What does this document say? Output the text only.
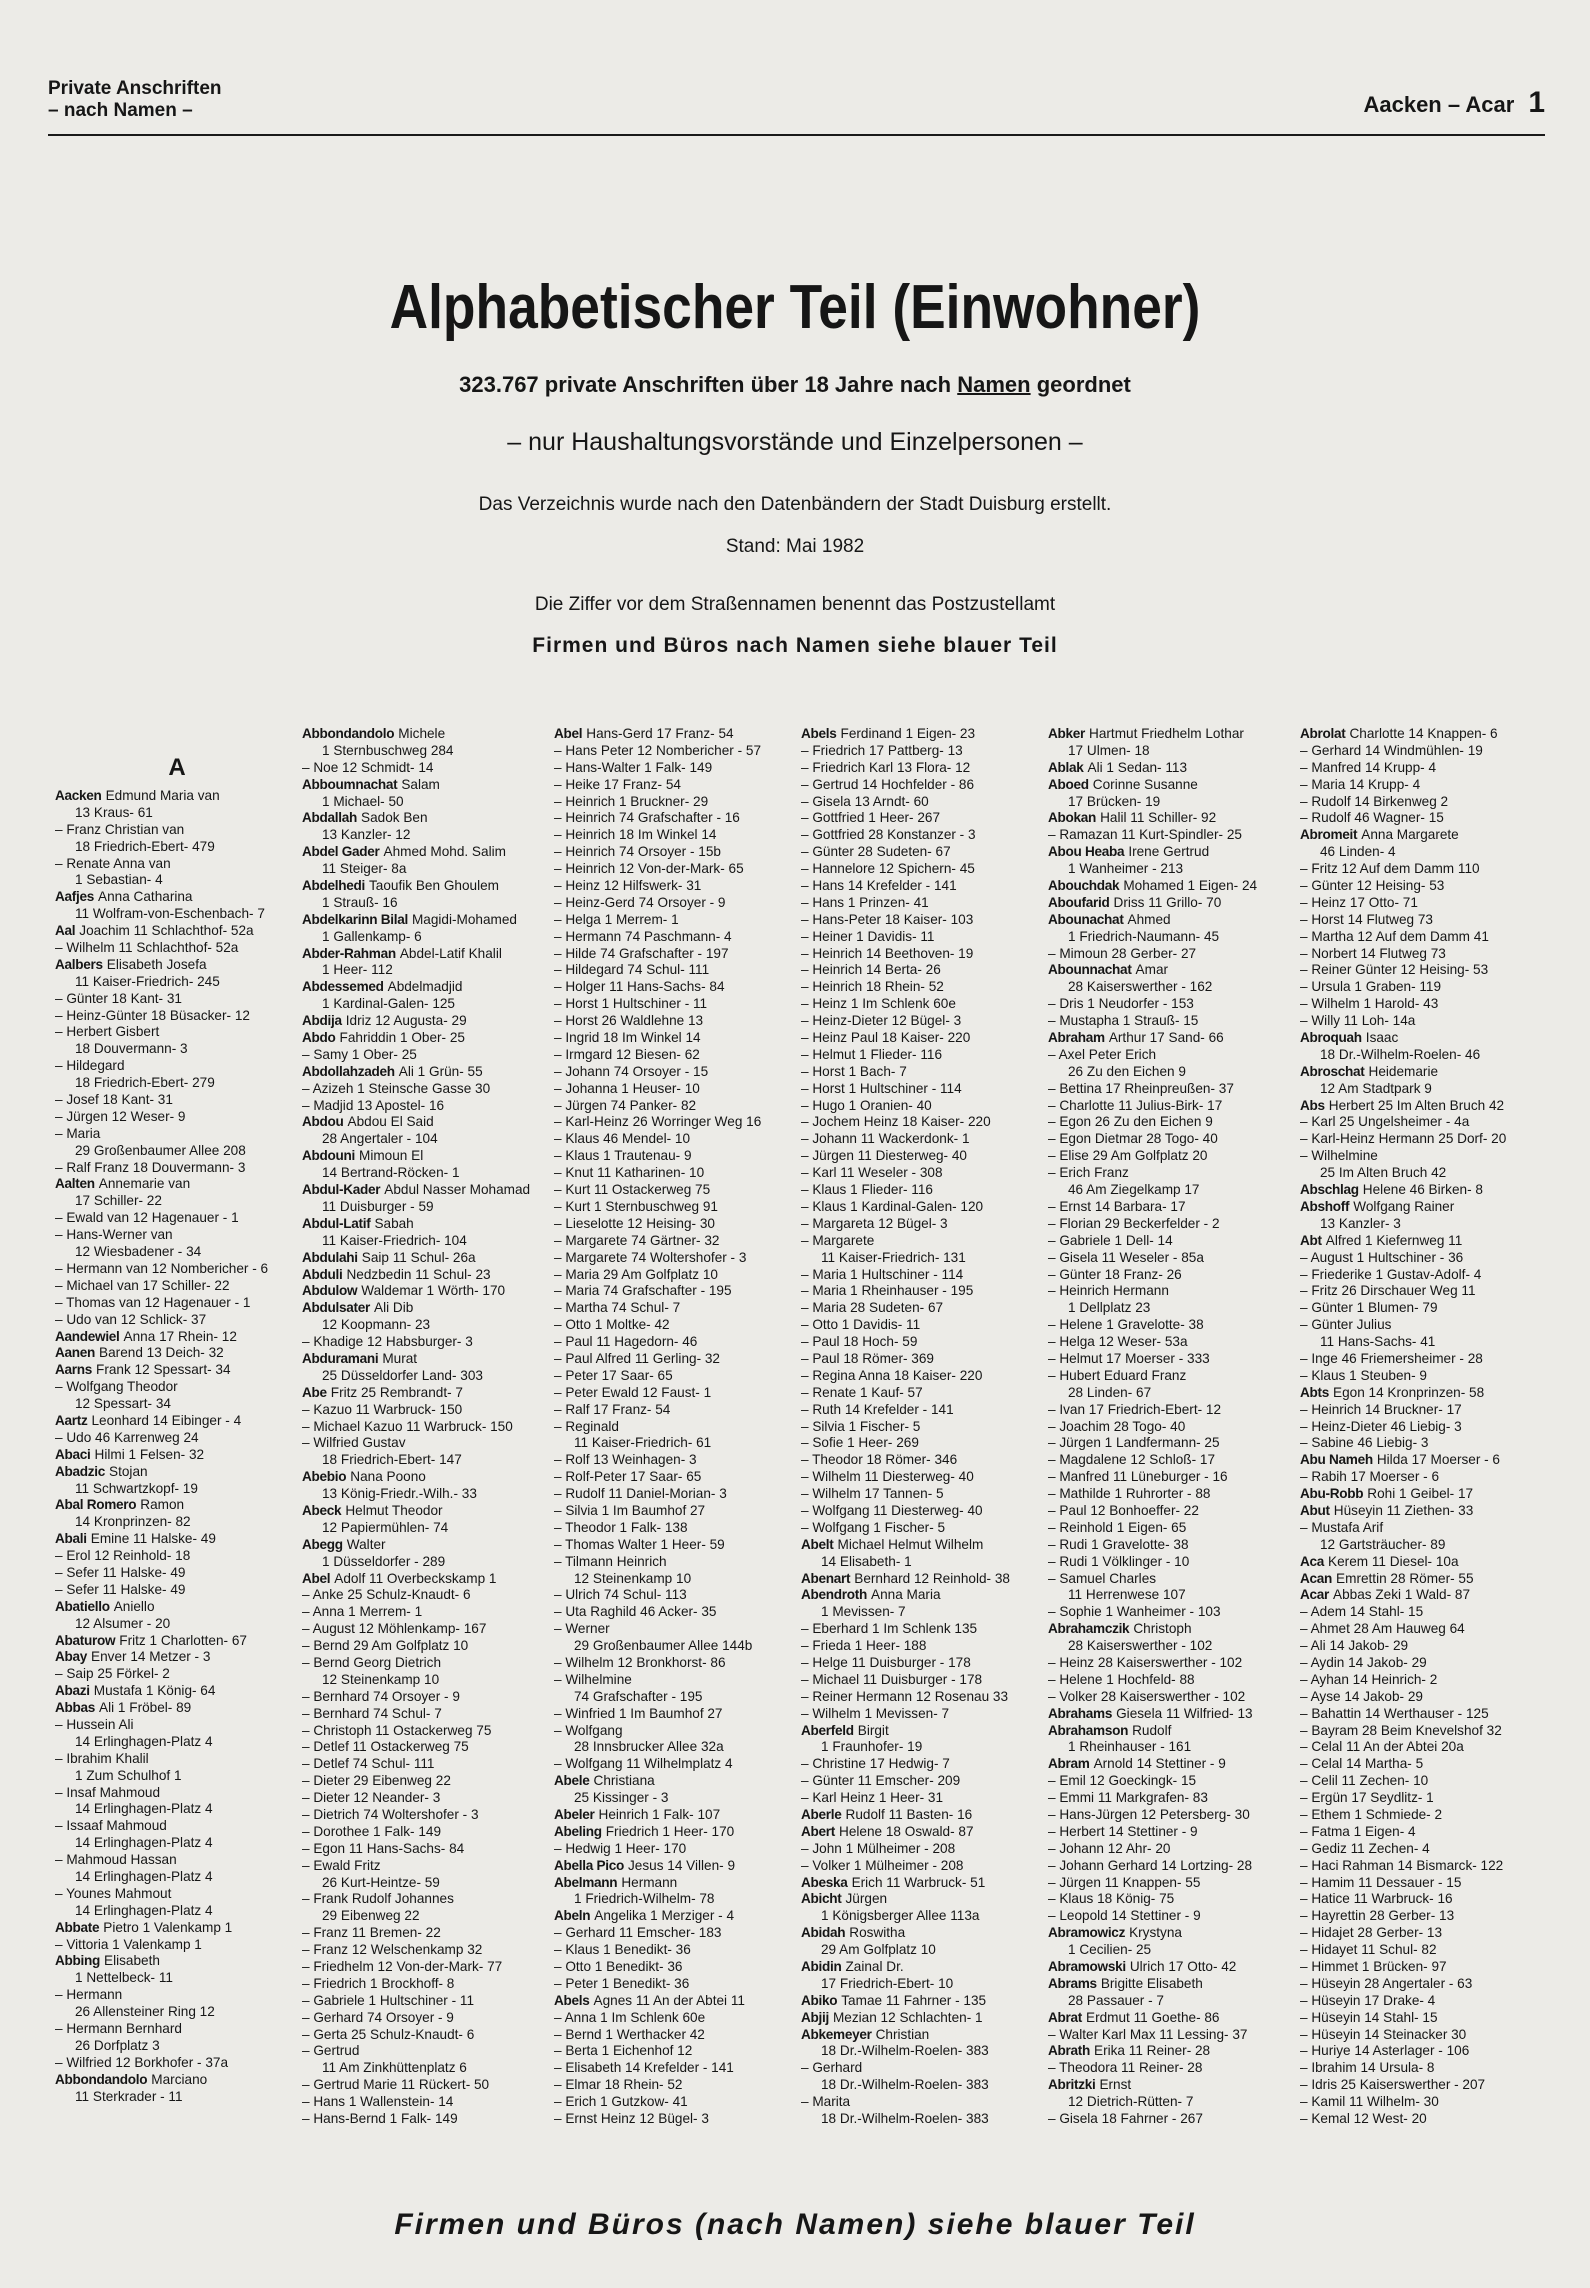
Private Anschriften
– nach Namen –	Aacken – Acar 1
Alphabetischer Teil (Einwohner)
323.767 private Anschriften über 18 Jahre nach Namen geordnet
– nur Haushaltungsvorstände und Einzelpersonen –
Das Verzeichnis wurde nach den Datenbändern der Stadt Duisburg erstellt.
Stand: Mai 1982
Die Ziffer vor dem Straßennamen benennt das Postzustellamt
Firmen und Büros nach Namen siehe blauer Teil
A
Aacken Edmund Maria van
13 Kraus- 61
– Franz Christian van
18 Friedrich-Ebert- 479
– Renate Anna van
1 Sebastian- 4
Aafjes Anna Catharina
11 Wolfram-von-Eschenbach- 7
Aal Joachim 11 Schlachthof- 52a
– Wilhelm 11 Schlachthof- 52a
Aalbers Elisabeth Josefa
11 Kaiser-Friedrich- 245
– Günter 18 Kant- 31
– Heinz-Günter 18 Büsacker- 12
– Herbert Gisbert
18 Douvermann- 3
– Hildegard
18 Friedrich-Ebert- 279
– Josef 18 Kant- 31
– Jürgen 12 Weser- 9
– Maria
29 Großenbaumer Allee 208
– Ralf Franz 18 Douvermann- 3
Aalten Annemarie van
17 Schiller- 22
– Ewald van 12 Hagenauer - 1
– Hans-Werner van
12 Wiesbadener - 34
– Hermann van 12 Nombericher - 6
– Michael van 17 Schiller- 22
– Thomas van 12 Hagenauer - 1
– Udo van 12 Schlick- 37
Aandewiel Anna 17 Rhein- 12
Aanen Barend 13 Deich- 32
Aarns Frank 12 Spessart- 34
– Wolfgang Theodor
12 Spessart- 34
Aartz Leonhard 14 Eibinger - 4
– Udo 46 Karrenweg 24
Abaci Hilmi 1 Felsen- 32
Abadzic Stojan
11 Schwartzkopf- 19
Abal Romero Ramon
14 Kronprinzen- 82
Abali Emine 11 Halske- 49
– Erol 12 Reinhold- 18
– Sefer 11 Halske- 49
– Sefer 11 Halske- 49
Abatiello Aniello
12 Alsumer - 20
Abaturow Fritz 1 Charlotten- 67
Abay Enver 14 Metzer - 3
– Saip 25 Förkel- 2
Abazi Mustafa 1 König- 64
Abbas Ali 1 Fröbel- 89
– Hussein Ali
14 Erlinghagen-Platz 4
– Ibrahim Khalil
1 Zum Schulhof 1
– Insaf Mahmoud
14 Erlinghagen-Platz 4
– Issaaf Mahmoud
14 Erlinghagen-Platz 4
– Mahmoud Hassan
14 Erlinghagen-Platz 4
– Younes Mahmout
14 Erlinghagen-Platz 4
Abbate Pietro 1 Valenkamp 1
– Vittoria 1 Valenkamp 1
Abbing Elisabeth
1 Nettelbeck- 11
– Hermann
26 Allensteiner Ring 12
– Hermann Bernhard
26 Dorfplatz 3
– Wilfried 12 Borkhofer - 37a
Abbondandolo Marciano
11 Sterkrader - 11
Abbondandolo Michele
1 Sternbuschweg 284
– Noe 12 Schmidt- 14
Abboumnachat Salam
1 Michael- 50
Abdallah Sadok Ben
13 Kanzler- 12
Abdel Gader Ahmed Mohd. Salim
11 Steiger- 8a
Abdelhedi Taoufik Ben Ghoulem
1 Strauß- 16
Abdelkarinn Bilal Magidi-Mohamed
1 Gallenkamp- 6
Abder-Rahman Abdel-Latif Khalil
1 Heer- 112
Abdessemed Abdelmadjid
1 Kardinal-Galen- 125
Abdija Idriz 12 Augusta- 29
Abdo Fahriddin 1 Ober- 25
– Samy 1 Ober- 25
Abdollahzadeh Ali 1 Grün- 55
– Azizeh 1 Steinsche Gasse 30
– Madjid 13 Apostel- 16
Abdou Abdou El Said
28 Angertaler - 104
Abdouni Mimoun El
14 Bertrand-Röcken- 1
Abdul-Kader Abdul Nasser Mohamad
11 Duisburger - 59
Abdul-Latif Sabah
11 Kaiser-Friedrich- 104
Abdulahi Saip 11 Schul- 26a
Abduli Nedzbedin 11 Schul- 23
Abdulow Waldemar 1 Wörth- 170
Abdulsater Ali Dib
12 Koopmann- 23
– Khadige 12 Habsburger- 3
Abduramani Murat
25 Düsseldorfer Land- 303
Abe Fritz 25 Rembrandt- 7
– Kazuo 11 Warbruck- 150
– Michael Kazuo 11 Warbruck- 150
– Wilfried Gustav
18 Friedrich-Ebert- 147
Abebio Nana Poono
13 König-Friedr.-Wilh.- 33
Abeck Helmut Theodor
12 Papiermühlen- 74
Abegg Walter
1 Düsseldorfer - 289
Abel Adolf 11 Overbeckskamp 1
– Anke 25 Schulz-Knaudt- 6
– Anna 1 Merrem- 1
– August 12 Möhlenkamp- 167
– Bernd 29 Am Golfplatz 10
– Bernd Georg Dietrich
12 Steinenkamp 10
– Bernhard 74 Orsoyer - 9
– Bernhard 74 Schul- 7
– Christoph 11 Ostackerweg 75
– Detlef 11 Ostackerweg 75
– Detlef 74 Schul- 111
– Dieter 29 Eibenweg 22
– Dieter 12 Neander- 3
– Dietrich 74 Woltershofer - 3
– Dorothee 1 Falk- 149
– Egon 11 Hans-Sachs- 84
– Ewald Fritz
26 Kurt-Heintze- 59
– Frank Rudolf Johannes
29 Eibenweg 22
– Franz 11 Bremen- 22
– Franz 12 Welschenkamp 32
– Friedhelm 12 Von-der-Mark- 77
– Friedrich 1 Brockhoff- 8
– Gabriele 1 Hultschiner - 11
– Gerhard 74 Orsoyer - 9
– Gerta 25 Schulz-Knaudt- 6
– Gertrud
11 Am Zinkhüttenplatz 6
– Gertrud Marie 11 Rückert- 50
– Hans 1 Wallenstein- 14
– Hans-Bernd 1 Falk- 149
Abel Hans-Gerd 17 Franz- 54
– Hans Peter 12 Nombericher - 57
– Hans-Walter 1 Falk- 149
– Heike 17 Franz- 54
– Heinrich 1 Bruckner- 29
– Heinrich 74 Grafschafter - 16
– Heinrich 18 Im Winkel 14
– Heinrich 74 Orsoyer - 15b
– Heinrich 12 Von-der-Mark- 65
– Heinz 12 Hilfswerk- 31
– Heinz-Gerd 74 Orsoyer - 9
– Helga 1 Merrem- 1
– Hermann 74 Paschmann- 4
– Hilde 74 Grafschafter - 197
– Hildegard 74 Schul- 111
– Holger 11 Hans-Sachs- 84
– Horst 1 Hultschiner - 11
– Horst 26 Waldlehne 13
– Ingrid 18 Im Winkel 14
– Irmgard 12 Biesen- 62
– Johann 74 Orsoyer - 15
– Johanna 1 Heuser- 10
– Jürgen 74 Panker- 82
– Karl-Heinz 26 Worringer Weg 16
– Klaus 46 Mendel- 10
– Klaus 1 Trautenau- 9
– Knut 11 Katharinen- 10
– Kurt 11 Ostackerweg 75
– Kurt 1 Sternbuschweg 91
– Lieselotte 12 Heising- 30
– Margarete 74 Gärtner- 32
– Margarete 74 Woltershofer - 3
– Maria 29 Am Golfplatz 10
– Maria 74 Grafschafter - 195
– Martha 74 Schul- 7
– Otto 1 Moltke- 42
– Paul 11 Hagedorn- 46
– Paul Alfred 11 Gerling- 32
– Peter 17 Saar- 65
– Peter Ewald 12 Faust- 1
– Ralf 17 Franz- 54
– Reginald
11 Kaiser-Friedrich- 61
– Rolf 13 Weinhagen- 3
– Rolf-Peter 17 Saar- 65
– Rudolf 11 Daniel-Morian- 3
– Silvia 1 Im Baumhof 27
– Theodor 1 Falk- 138
– Thomas Walter 1 Heer- 59
– Tilmann Heinrich
12 Steinenkamp 10
– Ulrich 74 Schul- 113
– Uta Raghild 46 Acker- 35
– Werner
29 Großenbaumer Allee 144b
– Wilhelm 12 Bronkhorst- 86
– Wilhelmine
74 Grafschafter - 195
– Winfried 1 Im Baumhof 27
– Wolfgang
28 Innsbrucker Allee 32a
– Wolfgang 11 Wilhelmplatz 4
Abele Christiana
25 Kissinger - 3
Abeler Heinrich 1 Falk- 107
Abeling Friedrich 1 Heer- 170
– Hedwig 1 Heer- 170
Abella Pico Jesus 14 Villen- 9
Abelmann Hermann
1 Friedrich-Wilhelm- 78
Abeln Angelika 1 Merziger - 4
– Gerhard 11 Emscher- 183
– Klaus 1 Benedikt- 36
– Otto 1 Benedikt- 36
– Peter 1 Benedikt- 36
Abels Agnes 11 An der Abtei 11
– Anna 1 Im Schlenk 60e
– Bernd 1 Werthacker 42
– Berta 1 Eichenhof 12
– Elisabeth 14 Krefelder - 141
– Elmar 18 Rhein- 52
– Erich 1 Gutzkow- 41
– Ernst Heinz 12 Bügel- 3
Abels Ferdinand 1 Eigen- 23
– Friedrich 17 Pattberg- 13
– Friedrich Karl 13 Flora- 12
– Gertrud 14 Hochfelder - 86
– Gisela 13 Arndt- 60
– Gottfried 1 Heer- 267
– Gottfried 28 Konstanzer - 3
– Günter 28 Sudeten- 67
– Hannelore 12 Spichern- 45
– Hans 14 Krefelder - 141
– Hans 1 Prinzen- 41
– Hans-Peter 18 Kaiser- 103
– Heiner 1 Davidis- 11
– Heinrich 14 Beethoven- 19
– Heinrich 14 Berta- 26
– Heinrich 18 Rhein- 52
– Heinz 1 Im Schlenk 60e
– Heinz-Dieter 12 Bügel- 3
– Heinz Paul 18 Kaiser- 220
– Helmut 1 Flieder- 116
– Horst 1 Bach- 7
– Horst 1 Hultschiner - 114
– Hugo 1 Oranien- 40
– Jochem Heinz 18 Kaiser- 220
– Johann 11 Wackerdonk- 1
– Jürgen 11 Diesterweg- 40
– Karl 11 Weseler - 308
– Klaus 1 Flieder- 116
– Klaus 1 Kardinal-Galen- 120
– Margareta 12 Bügel- 3
– Margarete
11 Kaiser-Friedrich- 131
– Maria 1 Hultschiner - 114
– Maria 1 Rheinhauser - 195
– Maria 28 Sudeten- 67
– Otto 1 Davidis- 11
– Paul 18 Hoch- 59
– Paul 18 Römer- 369
– Regina Anna 18 Kaiser- 220
– Renate 1 Kauf- 57
– Ruth 14 Krefelder - 141
– Silvia 1 Fischer- 5
– Sofie 1 Heer- 269
– Theodor 18 Römer- 346
– Wilhelm 11 Diesterweg- 40
– Wilhelm 17 Tannen- 5
– Wolfgang 11 Diesterweg- 40
– Wolfgang 1 Fischer- 5
Abelt Michael Helmut Wilhelm
14 Elisabeth- 1
Abenart Bernhard 12 Reinhold- 38
Abendroth Anna Maria
1 Mevissen- 7
– Eberhard 1 Im Schlenk 135
– Frieda 1 Heer- 188
– Helge 11 Duisburger - 178
– Michael 11 Duisburger - 178
– Reiner Hermann 12 Rosenau 33
– Wilhelm 1 Mevissen- 7
Aberfeld Birgit
1 Fraunhofer- 19
– Christine 17 Hedwig- 7
– Günter 11 Emscher- 209
– Karl Heinz 1 Heer- 31
Aberle Rudolf 11 Basten- 16
Abert Helene 18 Oswald- 87
– John 1 Mülheimer - 208
– Volker 1 Mülheimer - 208
Abeska Erich 11 Warbruck- 51
Abicht Jürgen
1 Königsberger Allee 113a
Abidah Roswitha
29 Am Golfplatz 10
Abidin Zainal Dr.
17 Friedrich-Ebert- 10
Abiko Tamae 11 Fahrner - 135
Abjij Mezian 12 Schlachten- 1
Abkemeyer Christian
18 Dr.-Wilhelm-Roelen- 383
– Gerhard
18 Dr.-Wilhelm-Roelen- 383
– Marita
18 Dr.-Wilhelm-Roelen- 383
Abker Hartmut Friedhelm Lothar
17 Ulmen- 18
Ablak Ali 1 Sedan- 113
Aboed Corinne Susanne
17 Brücken- 19
Abokan Halil 11 Schiller- 92
– Ramazan 11 Kurt-Spindler- 25
Abou Heaba Irene Gertrud
1 Wanheimer - 213
Abouchdak Mohamed 1 Eigen- 24
Aboufarid Driss 11 Grillo- 70
Abounachat Ahmed
1 Friedrich-Naumann- 45
– Mimoun 28 Gerber- 27
Abounnachat Amar
28 Kaiserswerther - 162
– Dris 1 Neudorfer - 153
– Mustapha 1 Strauß- 15
Abraham Arthur 17 Sand- 66
– Axel Peter Erich
26 Zu den Eichen 9
– Bettina 17 Rheinpreußen- 37
– Charlotte 11 Julius-Birk- 17
– Egon 26 Zu den Eichen 9
– Egon Dietmar 28 Togo- 40
– Elise 29 Am Golfplatz 20
– Erich Franz
46 Am Ziegelkamp 17
– Ernst 14 Barbara- 17
– Florian 29 Beckerfelder - 2
– Gabriele 1 Dell- 14
– Gisela 11 Weseler - 85a
– Günter 18 Franz- 26
– Heinrich Hermann
1 Dellplatz 23
– Helene 1 Gravelotte- 38
– Helga 12 Weser- 53a
– Helmut 17 Moerser - 333
– Hubert Eduard Franz
28 Linden- 67
– Ivan 17 Friedrich-Ebert- 12
– Joachim 28 Togo- 40
– Jürgen 1 Landfermann- 25
– Magdalene 12 Schloß- 17
– Manfred 11 Lüneburger - 16
– Mathilde 1 Ruhrorter - 88
– Paul 12 Bonhoeffer- 22
– Reinhold 1 Eigen- 65
– Rudi 1 Gravelotte- 38
– Rudi 1 Völklinger - 10
– Samuel Charles
11 Herrenwese 107
– Sophie 1 Wanheimer - 103
Abrahamczik Christoph
28 Kaiserswerther - 102
– Heinz 28 Kaiserswerther - 102
– Helene 1 Hochfeld- 88
– Volker 28 Kaiserswerther - 102
Abrahams Giesela 11 Wilfried- 13
Abrahamson Rudolf
1 Rheinhauser - 161
Abram Arnold 14 Stettiner - 9
– Emil 12 Goeckingk- 15
– Emmi 11 Markgrafen- 83
– Hans-Jürgen 12 Petersberg- 30
– Herbert 14 Stettiner - 9
– Johann 12 Ahr- 20
– Johann Gerhard 14 Lortzing- 28
– Jürgen 11 Knappen- 55
– Klaus 18 König- 75
– Leopold 14 Stettiner - 9
Abramowicz Krystyna
1 Cecilien- 25
Abramowski Ulrich 17 Otto- 42
Abrams Brigitte Elisabeth
28 Passauer - 7
Abrat Erdmut 11 Goethe- 86
– Walter Karl Max 11 Lessing- 37
Abrath Erika 11 Reiner- 28
– Theodora 11 Reiner- 28
Abritzki Ernst
12 Dietrich-Rütten- 7
– Gisela 18 Fahrner - 267
Abrolat Charlotte 14 Knappen- 6
– Gerhard 14 Windmühlen- 19
– Manfred 14 Krupp- 4
– Maria 14 Krupp- 4
– Rudolf 14 Birkenweg 2
– Rudolf 46 Wagner- 15
Abromeit Anna Margarete
46 Linden- 4
– Fritz 12 Auf dem Damm 110
– Günter 12 Heising- 53
– Heinz 17 Otto- 71
– Horst 14 Flutweg 73
– Martha 12 Auf dem Damm 41
– Norbert 14 Flutweg 73
– Reiner Günter 12 Heising- 53
– Ursula 1 Graben- 119
– Wilhelm 1 Harold- 43
– Willy 11 Loh- 14a
Abroquah Isaac
18 Dr.-Wilhelm-Roelen- 46
Abroschat Heidemarie
12 Am Stadtpark 9
Abs Herbert 25 Im Alten Bruch 42
– Karl 25 Ungelsheimer - 4a
– Karl-Heinz Hermann 25 Dorf- 20
– Wilhelmine
25 Im Alten Bruch 42
Abschlag Helene 46 Birken- 8
Abshoff Wolfgang Rainer
13 Kanzler- 3
Abt Alfred 1 Kiefernweg 11
– August 1 Hultschiner - 36
– Friederike 1 Gustav-Adolf- 4
– Fritz 26 Dirschauer Weg 11
– Günter 1 Blumen- 79
– Günter Julius
11 Hans-Sachs- 41
– Inge 46 Friemersheimer - 28
– Klaus 1 Steuben- 9
Abts Egon 14 Kronprinzen- 58
– Heinrich 14 Bruckner- 17
– Heinz-Dieter 46 Liebig- 3
– Sabine 46 Liebig- 3
Abu Nameh Hilda 17 Moerser - 6
– Rabih 17 Moerser - 6
Abu-Robb Rohi 1 Geibel- 17
Abut Hüseyin 11 Ziethen- 33
– Mustafa Arif
12 Gartsträucher- 89
Aca Kerem 11 Diesel- 10a
Acan Emrettin 28 Römer- 55
Acar Abbas Zeki 1 Wald- 87
– Adem 14 Stahl- 15
– Ahmet 28 Am Hauweg 64
– Ali 14 Jakob- 29
– Aydin 14 Jakob- 29
– Ayhan 14 Heinrich- 2
– Ayse 14 Jakob- 29
– Bahattin 14 Werthauser - 125
– Bayram 28 Beim Knevelshof 32
– Celal 11 An der Abtei 20a
– Celal 14 Martha- 5
– Celil 11 Zechen- 10
– Ergün 17 Seydlitz- 1
– Ethem 1 Schmiede- 2
– Fatma 1 Eigen- 4
– Gediz 11 Zechen- 4
– Haci Rahman 14 Bismarck- 122
– Hamim 11 Dessauer - 15
– Hatice 11 Warbruck- 16
– Hayrettin 28 Gerber- 13
– Hidajet 28 Gerber- 13
– Hidayet 11 Schul- 82
– Himmet 1 Brücken- 97
– Hüseyin 28 Angertaler - 63
– Hüseyin 17 Drake- 4
– Hüseyin 14 Stahl- 15
– Hüseyin 14 Steinacker 30
– Huriye 14 Asterlager - 106
– Ibrahim 14 Ursula- 8
– Idris 25 Kaiserswerther - 207
– Kamil 11 Wilhelm- 30
– Kemal 12 West- 20
Firmen und Büros (nach Namen) siehe blauer Teil
